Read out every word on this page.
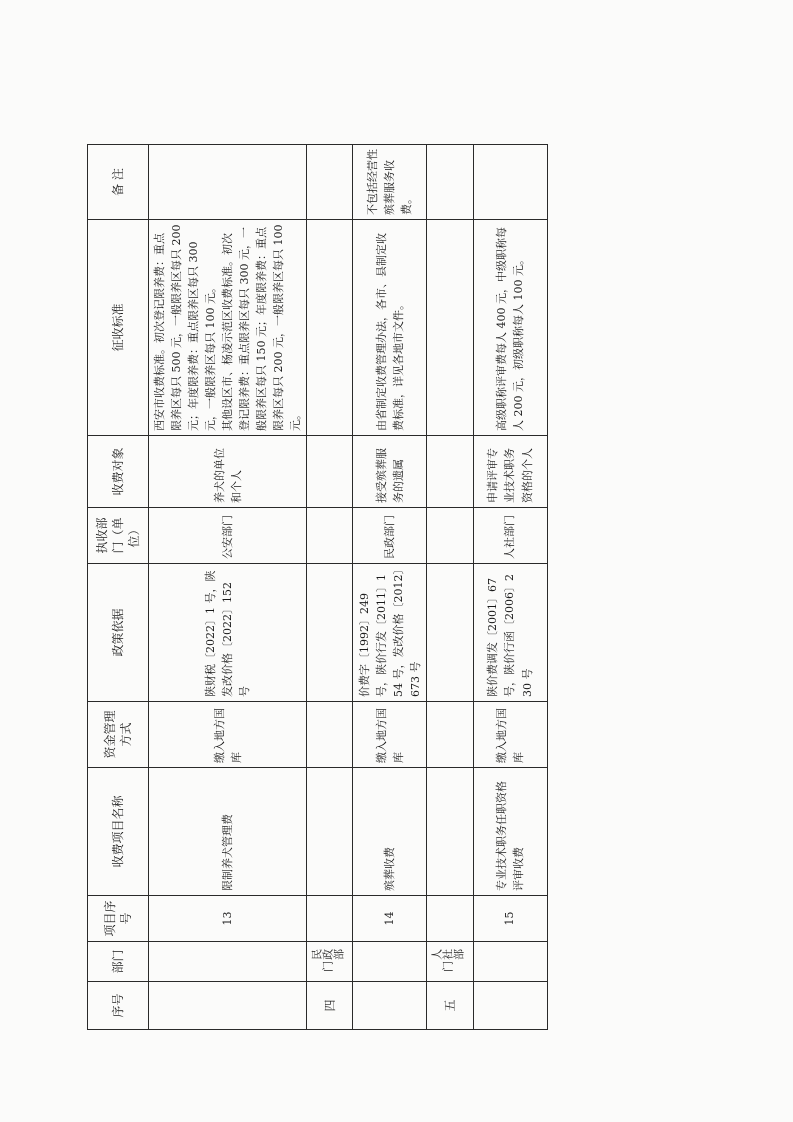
序号	部门	项目序号	收费项目名称	资金管理方式	政策依据	执收部门（单位）	收费对象	征收标准	备 注
		13	限制养犬管理费	缴入地方国库	陕财税〔2022〕1 号，陕发改价格〔2022〕152 号	公安部门	养犬的单位和个人	西安市收费标准。初次登记限养费：重点限养区每只 500 元，一般限养区每只 200 元；年度限养费：重点限养区每只 300 元，一般限养区每只 100 元。 其他设区市、杨凌示范区收费标准。初次登记限养费：重点限养区每只 300 元，一般限养区每只 150 元；年度限养费：重点限养区每只 200 元，一般限养区每只 100 元。	

四	民政部门								
		14	殡葬收费	缴入地方国库	价费字〔1992〕249 号，陕价行发〔2011〕154 号，发改价格〔2012〕673 号	民政部门	接受殡葬服务的遗属	由省制定收费管理办法，各市、县制定收费标准，详见各地市文件。	不包括经营性殡葬服务收费。
五	人社部门								
		15	专业技术职务任职资格评审收费	缴入地方国库	陕价费调发〔2001〕67 号，陕价行函〔2006〕230 号	人社部门	申请评审专业技术职务资格的个人	高级职称评审费每人 400 元，中级职称每人 200 元，初级职称每人 100 元。	
